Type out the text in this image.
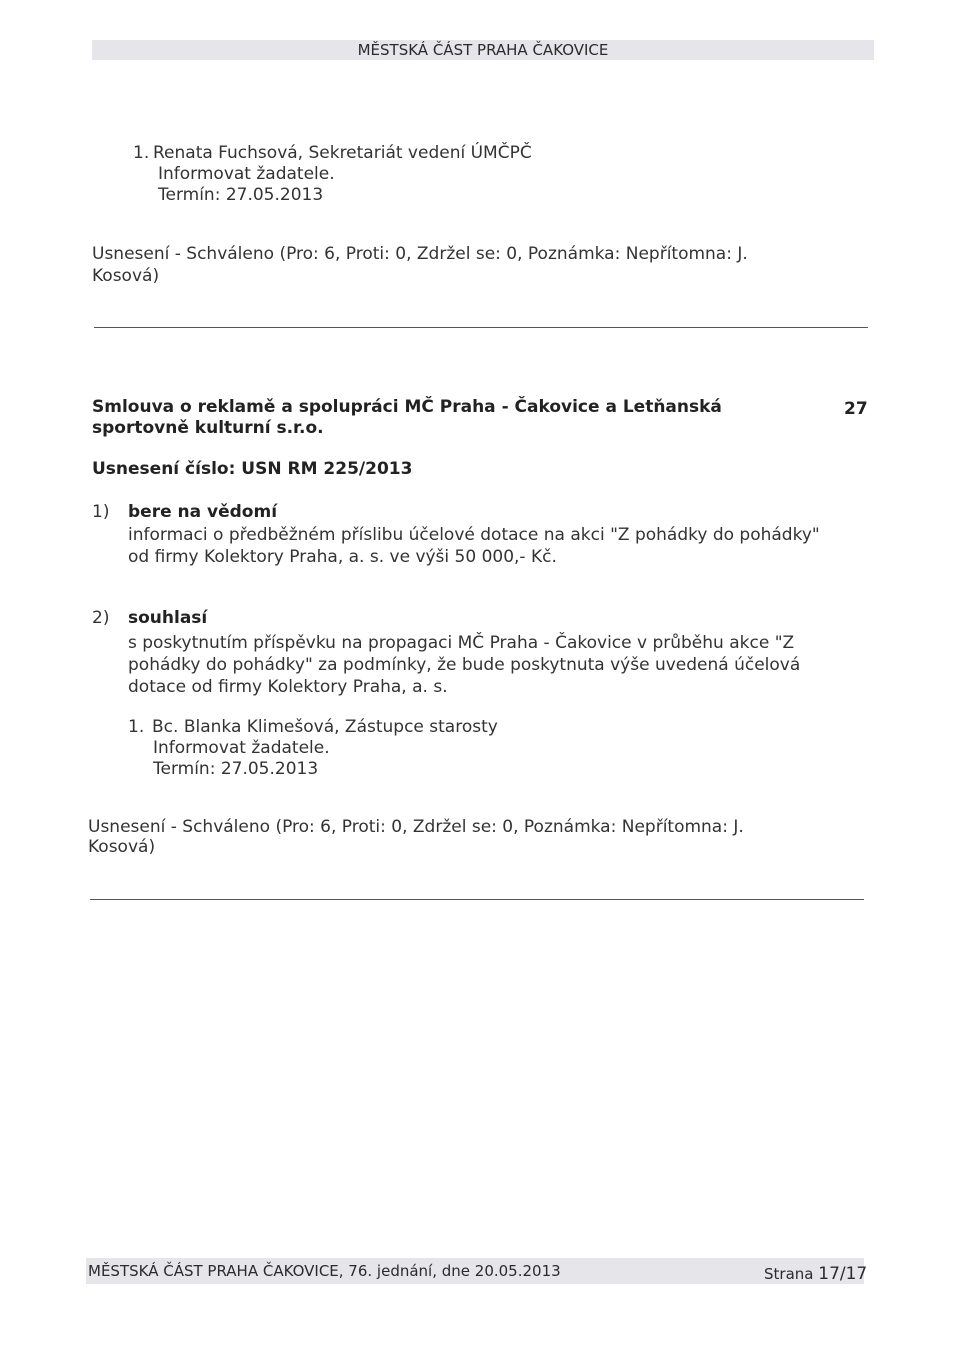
MĚSTSKÁ ČÁST PRAHA ČAKOVICE
1. Renata Fuchsová, Sekretariát vedení ÚMČPČ
Informovat žadatele.
Termín: 27.05.2013
Usnesení - Schváleno (Pro: 6, Proti: 0, Zdržel se: 0, Poznámka: Nepřítomna: J.
Kosová)
Smlouva o reklamě a spolupráci MČ Praha - Čakovice a Letňanská
sportovně kulturní s.r.o.
27
Usnesení číslo: USN RM 225/2013
1) bere na vědomí
informaci o předběžném příslibu účelové dotace na akci "Z pohádky do pohádky"
od firmy Kolektory Praha, a. s. ve výši 50 000,- Kč.
2) souhlasí
s poskytnutím příspěvku na propagaci MČ Praha - Čakovice v průběhu akce "Z
pohádky do pohádky" za podmínky, že bude poskytnuta výše uvedená účelová
dotace od firmy Kolektory Praha, a. s.
1. Bc. Blanka Klimešová, Zástupce starosty
Informovat žadatele.
Termín: 27.05.2013
Usnesení - Schváleno (Pro: 6, Proti: 0, Zdržel se: 0, Poznámka: Nepřítomna: J.
Kosová)
MĚSTSKÁ ČÁST PRAHA ČAKOVICE, 76. jednání, dne 20.05.2013	Strana 17/17
